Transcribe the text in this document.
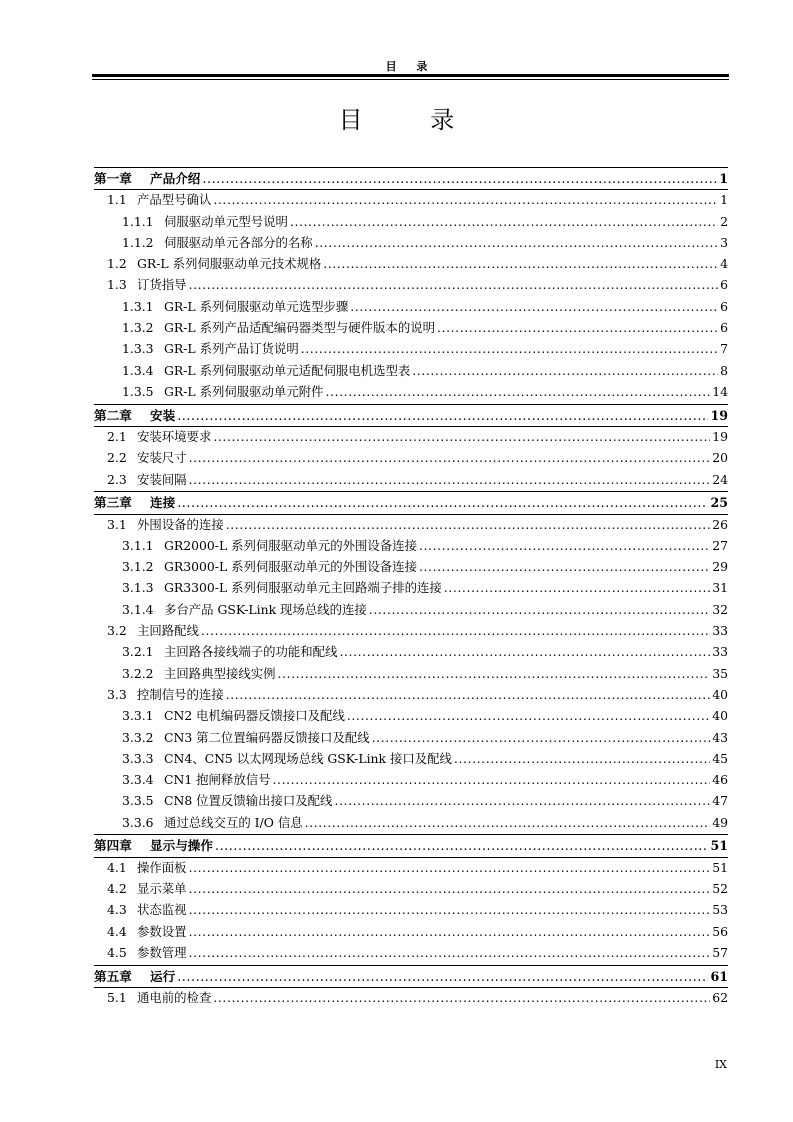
目 录
目 录
第一章	产品介绍 .....	1
1.1 产品型号确认 .....	1
1.1.1 伺服驱动单元型号说明 .....	2
1.1.2 伺服驱动单元各部分的名称 .....	3
1.2 GR-L 系列伺服驱动单元技术规格 .....	4
1.3 订货指导 .....	6
1.3.1 GR-L 系列伺服驱动单元选型步骤 .....	6
1.3.2 GR-L 系列产品适配编码器类型与硬件版本的说明 .....	6
1.3.3 GR-L 系列产品订货说明 .....	7
1.3.4 GR-L 系列伺服驱动单元适配伺服电机选型表 .....	8
1.3.5 GR-L 系列伺服驱动单元附件 .....	14
第二章	安装 .....	19
2.1 安装环境要求 .....	19
2.2 安装尺寸 .....	20
2.3 安装间隔 .....	24
第三章	连接 .....	25
3.1 外围设备的连接 .....	26
3.1.1 GR2000-L 系列伺服驱动单元的外围设备连接 .....	27
3.1.2 GR3000-L 系列伺服驱动单元的外围设备连接 .....	29
3.1.3 GR3300-L 系列伺服驱动单元主回路端子排的连接 .....	31
3.1.4 多台产品 GSK-Link 现场总线的连接 .....	32
3.2 主回路配线 .....	33
3.2.1 主回路各接线端子的功能和配线 .....	33
3.2.2 主回路典型接线实例 .....	35
3.3 控制信号的连接 .....	40
3.3.1 CN2 电机编码器反馈接口及配线 .....	40
3.3.2 CN3 第二位置编码器反馈接口及配线 .....	43
3.3.3 CN4、CN5 以太网现场总线 GSK-Link 接口及配线 .....	45
3.3.4 CN1 抱闸释放信号 .....	46
3.3.5 CN8 位置反馈输出接口及配线 .....	47
3.3.6 通过总线交互的 I/O 信息 .....	49
第四章	显示与操作 .....	51
4.1 操作面板 .....	51
4.2 显示菜单 .....	52
4.3 状态监视 .....	53
4.4 参数设置 .....	56
4.5 参数管理 .....	57
第五章	运行 .....	61
5.1 通电前的检查 .....	62
IX
